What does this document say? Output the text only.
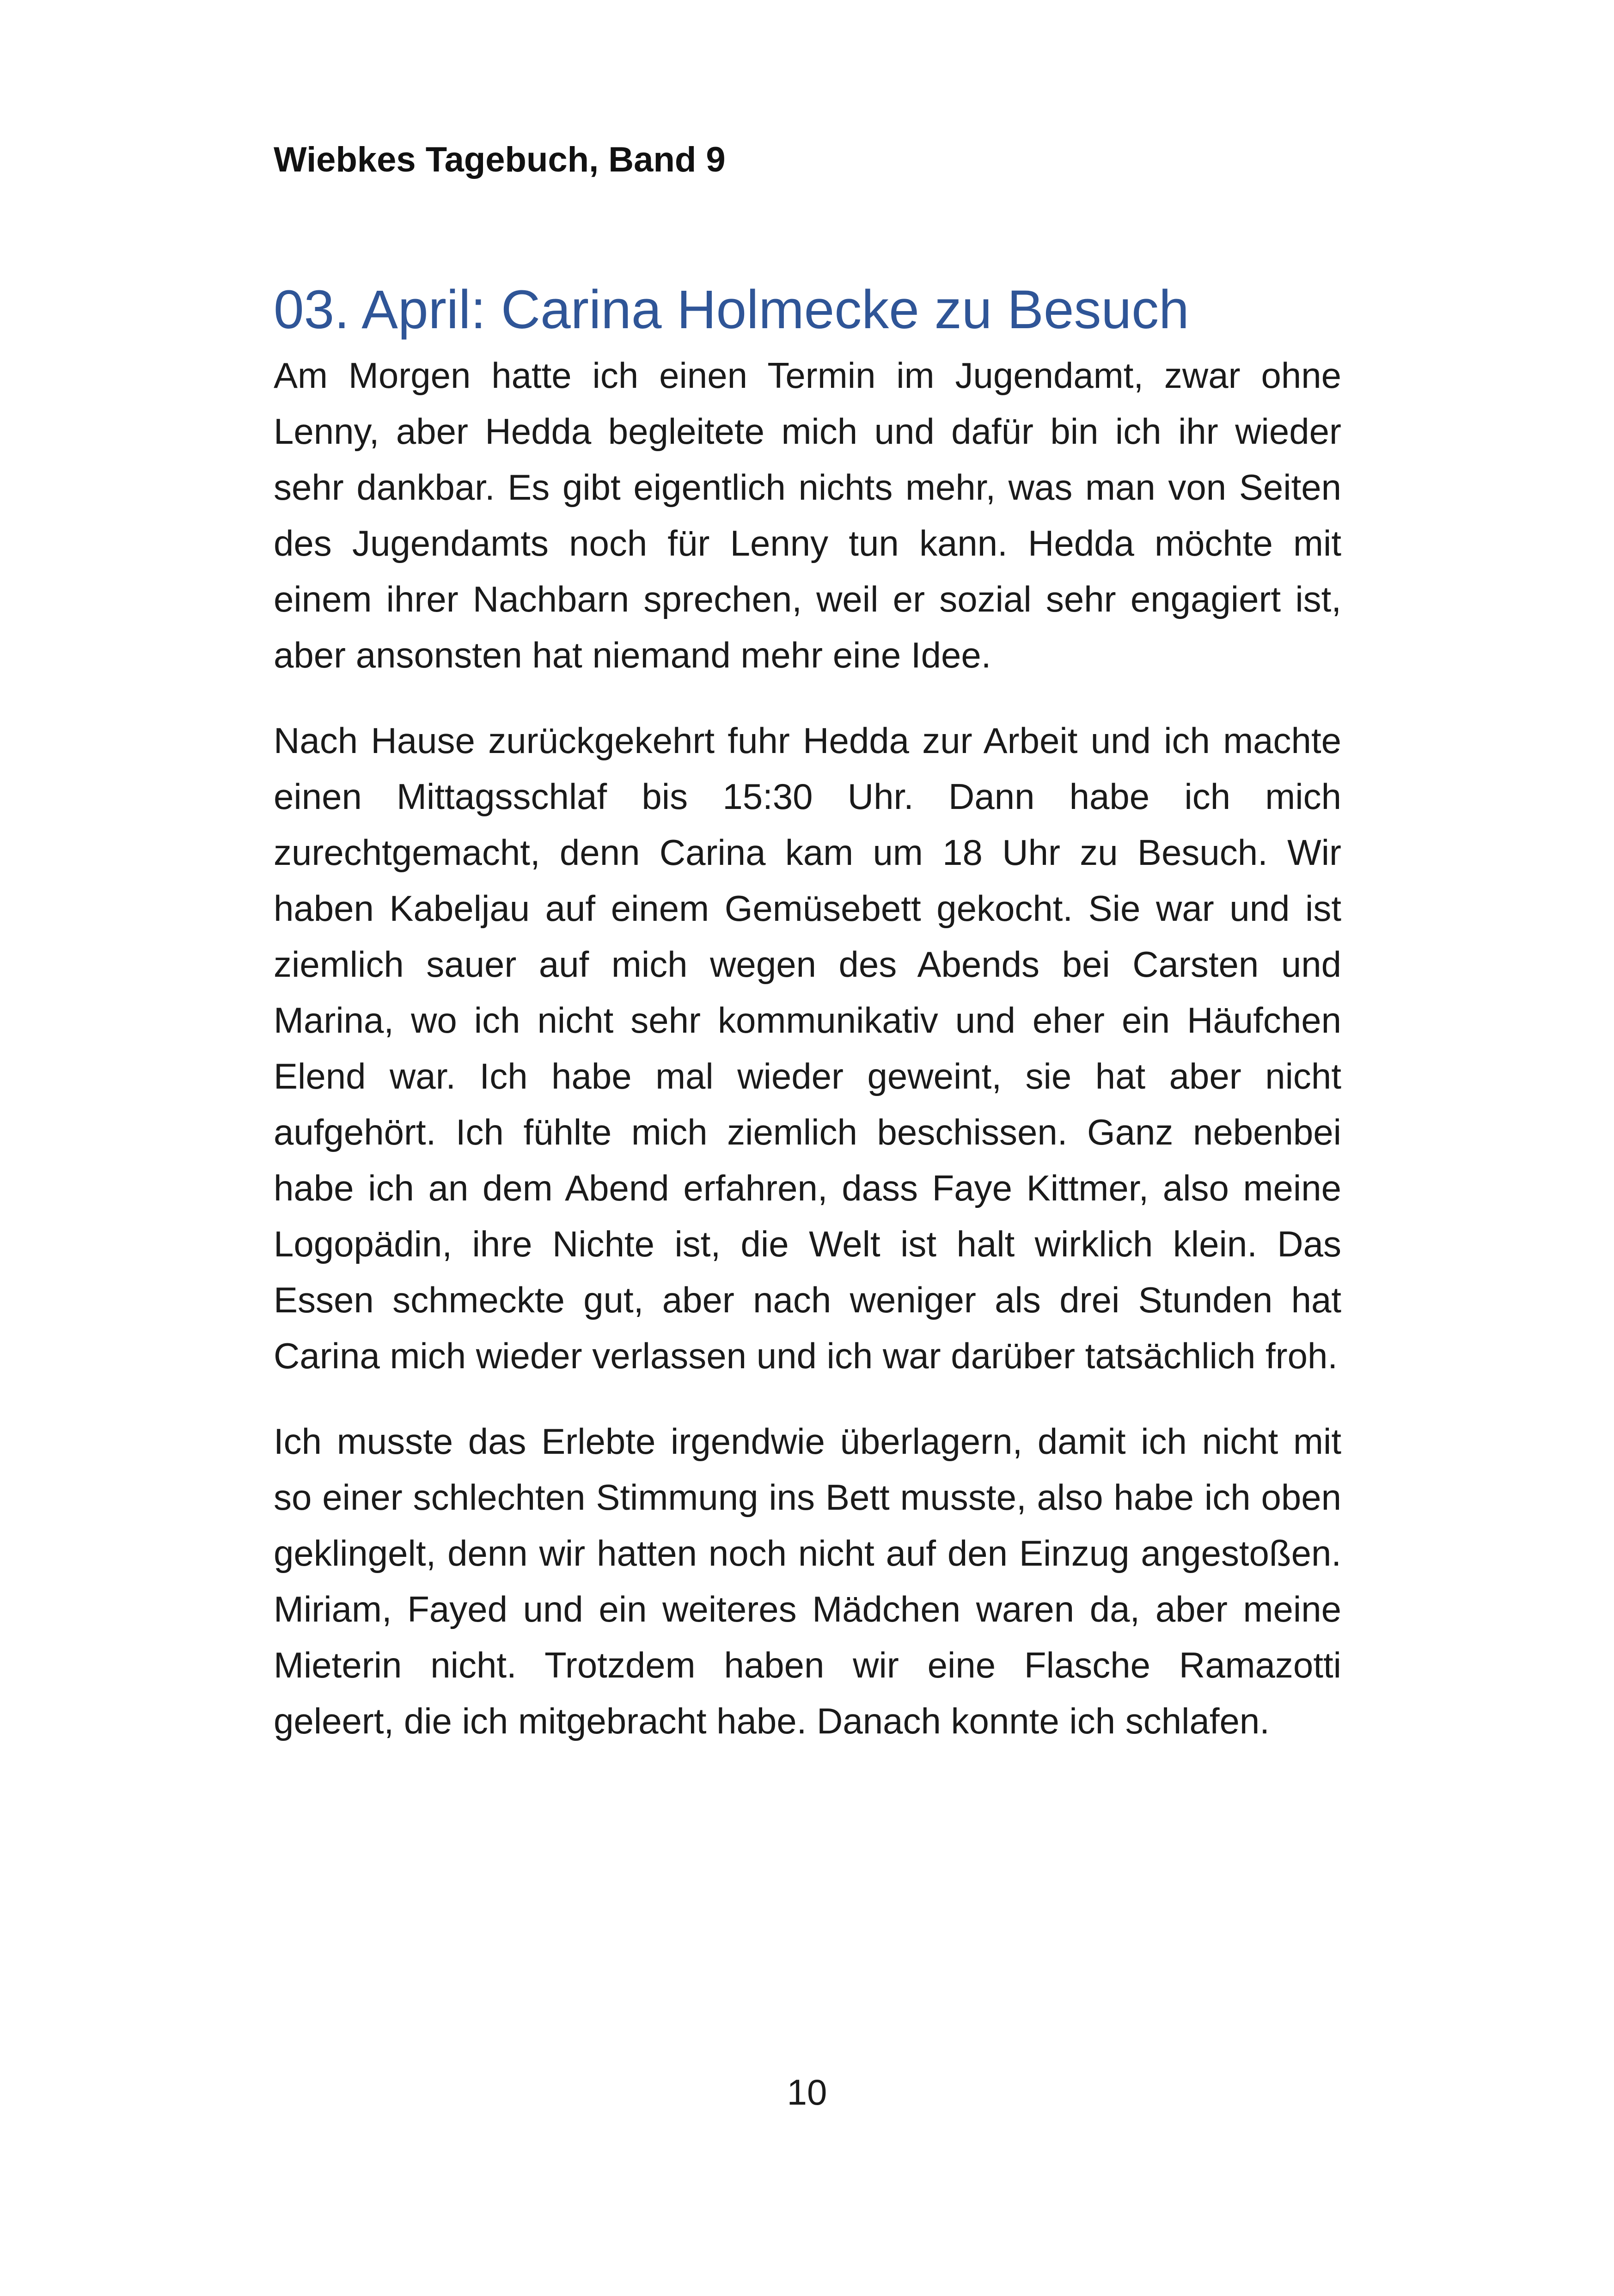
Wiebkes Tagebuch, Band 9

03. April: Carina Holmecke zu Besuch

Am Morgen hatte ich einen Termin im Jugendamt, zwar ohne Lenny, aber Hedda begleitete mich und dafür bin ich ihr wieder sehr dankbar. Es gibt eigentlich nichts mehr, was man von Seiten des Jugendamts noch für Lenny tun kann. Hedda möchte mit einem ihrer Nachbarn sprechen, weil er sozial sehr engagiert ist, aber ansonsten hat niemand mehr eine Idee.

Nach Hause zurückgekehrt fuhr Hedda zur Arbeit und ich machte einen Mittagsschlaf bis 15:30 Uhr. Dann habe ich mich zurechtgemacht, denn Carina kam um 18 Uhr zu Besuch. Wir haben Kabeljau auf einem Gemüsebett gekocht. Sie war und ist ziemlich sauer auf mich wegen des Abends bei Carsten und Marina, wo ich nicht sehr kommunikativ und eher ein Häufchen Elend war. Ich habe mal wieder geweint, sie hat aber nicht aufgehört. Ich fühlte mich ziemlich beschissen. Ganz nebenbei habe ich an dem Abend erfahren, dass Faye Kittmer, also meine Logopädin, ihre Nichte ist, die Welt ist halt wirklich klein. Das Essen schmeckte gut, aber nach weniger als drei Stunden hat Carina mich wieder verlassen und ich war darüber tatsächlich froh.

Ich musste das Erlebte irgendwie überlagern, damit ich nicht mit so einer schlechten Stimmung ins Bett musste, also habe ich oben geklingelt, denn wir hatten noch nicht auf den Einzug angestoßen. Miriam, Fayed und ein weiteres Mädchen waren da, aber meine Mieterin nicht. Trotzdem haben wir eine Flasche Ramazotti geleert, die ich mitgebracht habe. Danach konnte ich schlafen.

10
